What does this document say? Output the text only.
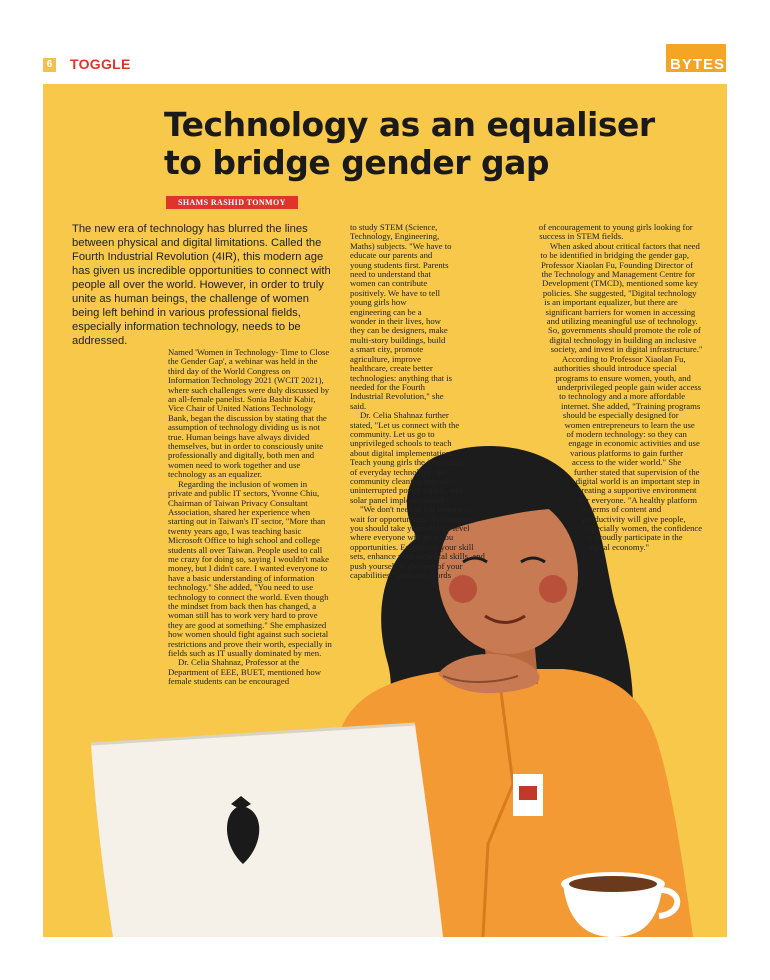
6 TOGGLE	BYTES
Technology as an equaliser
to bridge gender gap
SHAMS RASHID TONMOY
The new era of technology has blurred the lines between physical and digital limitations. Called the Fourth Industrial Revolution (4IR), this modern age has given us incredible opportunities to connect with people all over the world. However, in order to truly unite as human beings, the challenge of women being left behind in various professional fields, especially information technology, needs to be addressed.

Named 'Women in Technology- Time to Close the Gender Gap', a webinar was held in the third day of the World Congress on Information Technology 2021 (WCIT 2021), where such challenges were duly discussed by an all-female panelist. Sonia Bashir Kabir, Vice Chair of United Nations Technology Bank, began the discussion by stating that the assumption of technology dividing us is not true. Human beings have always divided themselves, but in order to consciously unite professionally and digitally, both men and women need to work together and use technology as an equalizer.

Regarding the inclusion of women in private and public IT sectors, Yvonne Chiu, Chairman of Taiwan Privacy Consultant Association, shared her experience when starting out in Taiwan's IT sector, "More than twenty years ago, I was teaching basic Microsoft Office to high school and college students all over Taiwan. People used to call me crazy for doing so, saying I wouldn't make money, but I didn't care. I wanted everyone to have a basic understanding of information technology." She added, "You need to use technology to connect the world. Even though the mindset from back then has changed, a woman still has to work very hard to prove they are good at something." She emphasized how women should fight against such societal restrictions and prove their worth, especially in fields such as IT usually dominated by men.

Dr. Celia Shahnaz, Professor at the Department of EEE, BUET, mentioned how female students can be encouraged

to study STEM (Science, Technology, Engineering, Maths) subjects. "We have to educate our parents and young students first. Parents need to understand that women can contribute positively. We have to tell young girls how engineering can be a wonder in their lives, how they can be designers, make multi-story buildings, build a smart city, promote agriculture, improve healthcare, create better technologies: anything that is needed for the Fourth Industrial Revolution," she said.

Dr. Celia Shahnaz further stated, "Let us connect with the community. Let us go to unprivileged schools to teach about digital implementation. Teach young girls the importance of everyday technology, like community cleaning upgrades, uninterrupted power supply, and solar panel implementation."

"We don't need to tell women to wait for opportunities. As a woman, you should take yourself to a level where everyone will give you opportunities. Emphasize your skill sets, enhance your technical skills, and push yourself to the best of your capabilities," were her words

of encouragement to young girls looking for success in STEM fields.

When asked about critical factors that need to be identified in bridging the gender gap, Professor Xiaolan Fu, Founding Director of the Technology and Management Centre for Development (TMCD), mentioned some key policies. She suggested, "Digital technology is an important equalizer, but there are significant barriers for women in accessing and utilizing meaningful use of technology. So, governments should promote the role of digital technology in building an inclusive society, and invest in digital infrastructure."

According to Professor Xiaolan Fu, authorities should introduce special programs to ensure women, youth, and underprivileged people gain wider access to technology and a more affordable internet. She added, "Training programs should be especially designed for women entrepreneurs to learn the use of modern technology: so they can engage in economic activities and use various platforms to gain further access to the wider world." She further stated that supervision of the digital world is an important step in creating a supportive environment for everyone. "A healthy platform in terms of content and productivity will give people, especially women, the confidence to proudly participate in the digital economy."
